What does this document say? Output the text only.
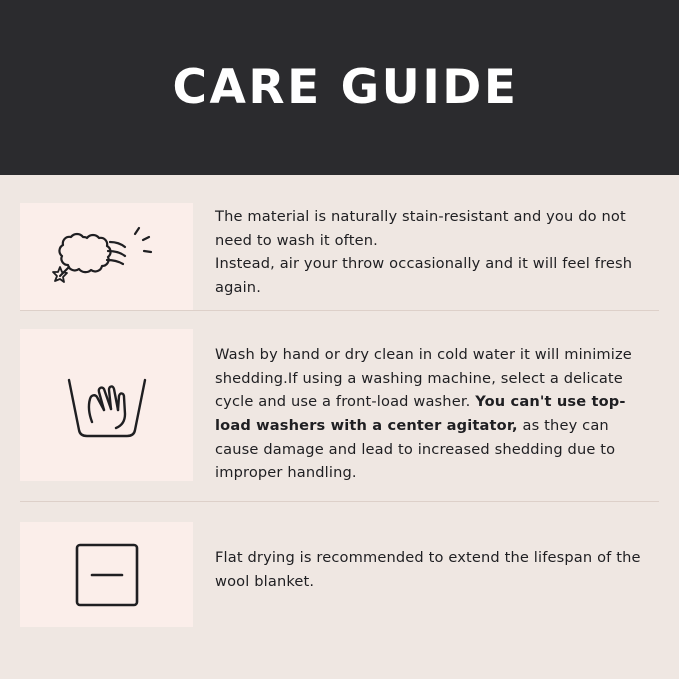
CARE GUIDE

The material is naturally stain-resistant and you do not need to wash it often.

Instead, air your throw occasionally and it will feel fresh again.

Wash by hand or dry clean in cold water it will minimize shedding.If using a washing machine, select a delicate cycle and use a front-load washer. You can't use top-load washers with a center agitator, as they can cause damage and lead to increased shedding due to improper handling.

Flat drying is recommended to extend the lifespan of the wool blanket.
